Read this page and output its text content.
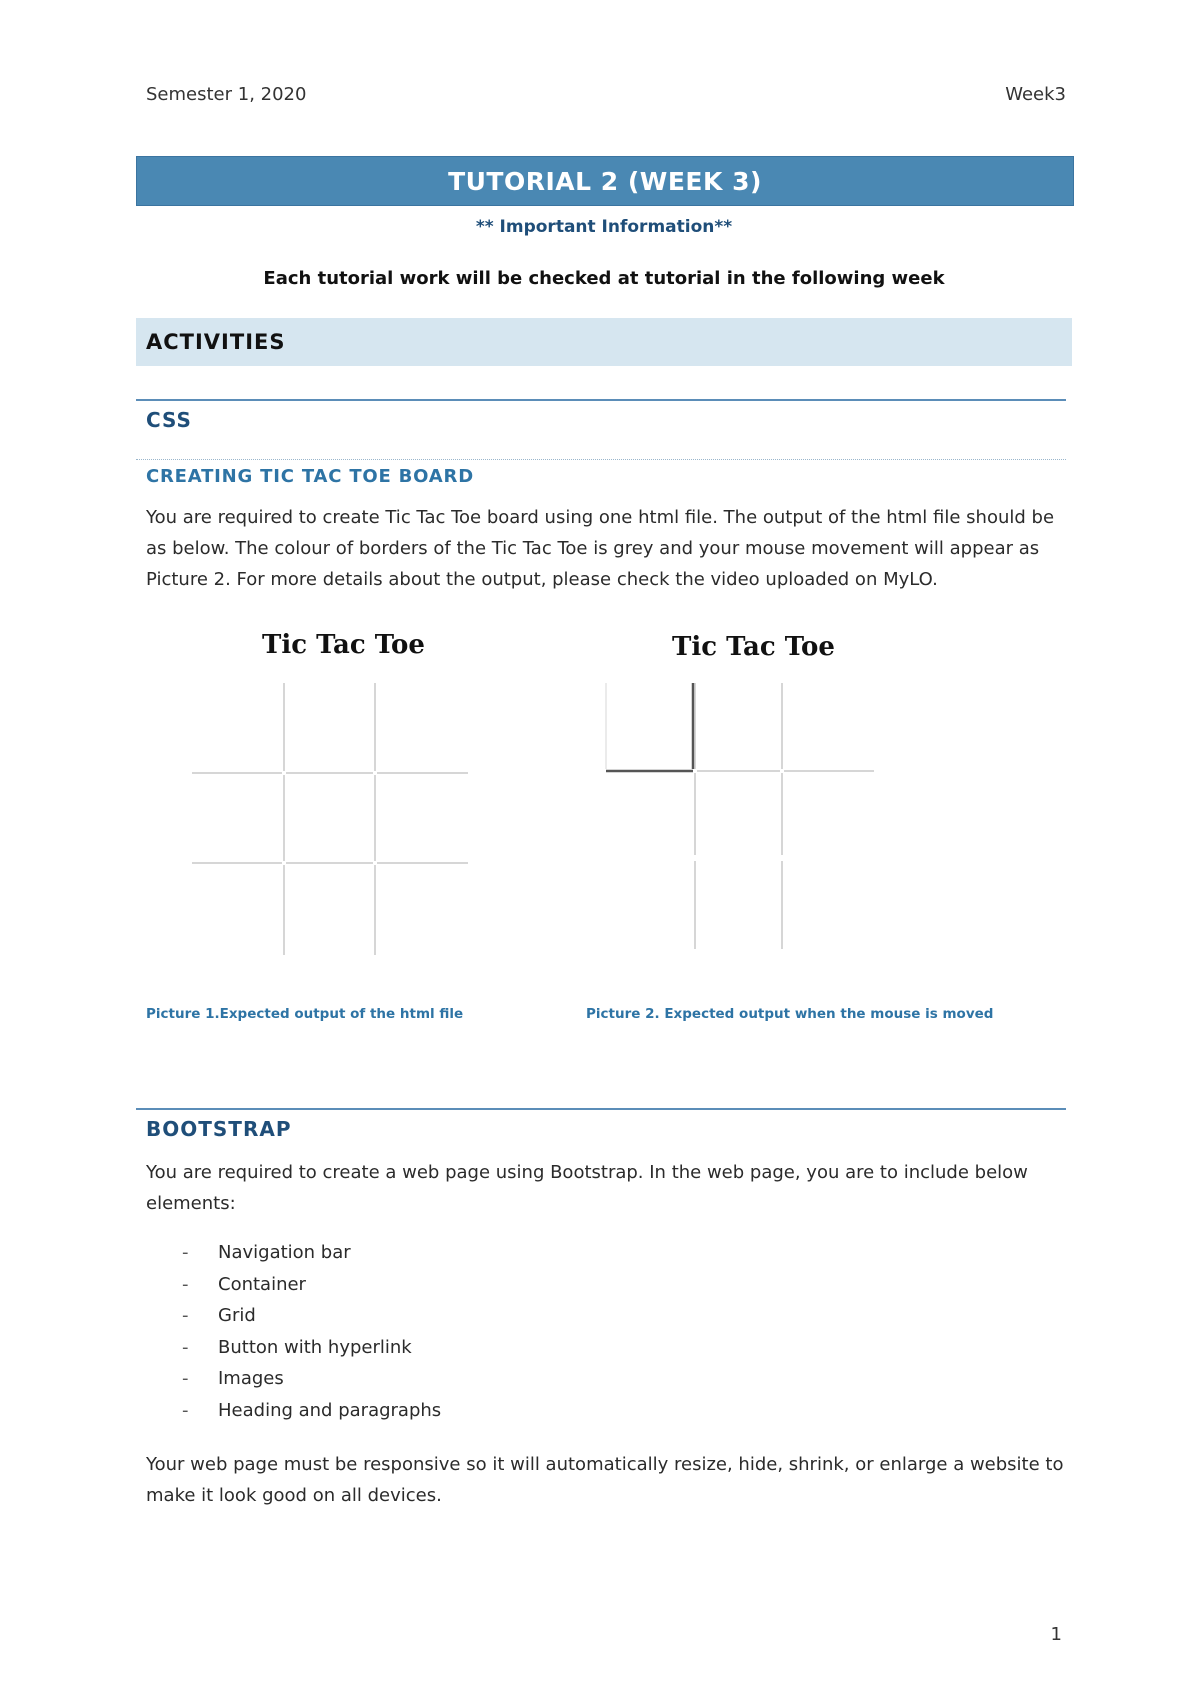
Semester 1, 2020	Week3
TUTORIAL 2 (WEEK 3)
** Important Information**
Each tutorial work will be checked at tutorial in the following week
ACTIVITIES
CSS
CREATING TIC TAC TOE BOARD
You are required to create Tic Tac Toe board using one html file. The output of the html file should be as below. The colour of borders of the Tic Tac Toe is grey and your mouse movement will appear as Picture 2. For more details about the output, please check the video uploaded on MyLO.
Tic Tac Toe	Tic Tac Toe
Picture 1.Expected output of the html file	Picture 2. Expected output when the mouse is moved
BOOTSTRAP
You are required to create a web page using Bootstrap. In the web page, you are to include below elements:
- Navigation bar
- Container
- Grid
- Button with hyperlink
- Images
- Heading and paragraphs
Your web page must be responsive so it will automatically resize, hide, shrink, or enlarge a website to make it look good on all devices.
1
